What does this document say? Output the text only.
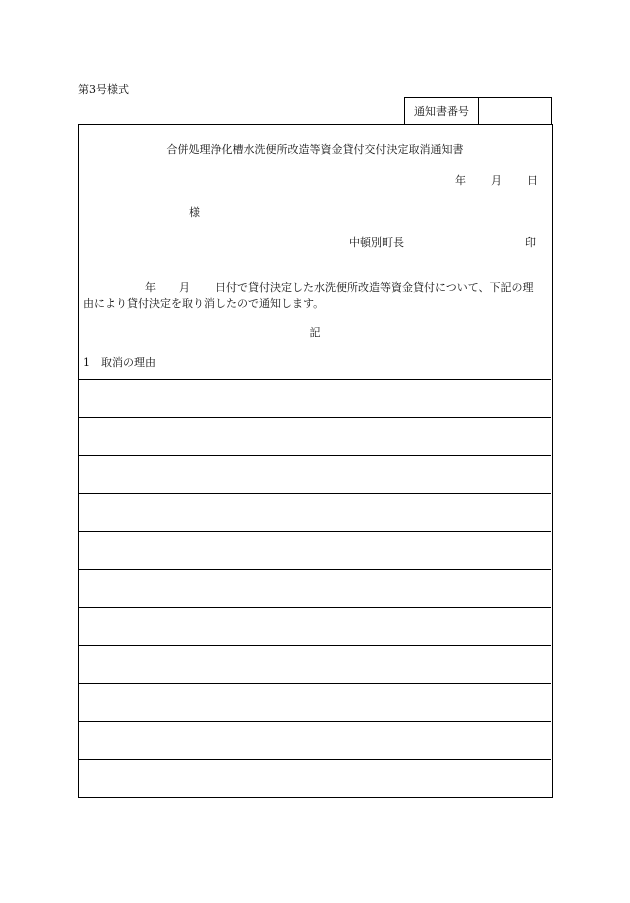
第3号様式
通知書番号
合併処理浄化槽水洗便所改造等資金貸付交付決定取消通知書
年 月 日
様
中頓別町長	印
年 月 日付で貸付決定した水洗便所改造等資金貸付について、下記の理
由により貸付決定を取り消したので通知します。
記
1　取消の理由
